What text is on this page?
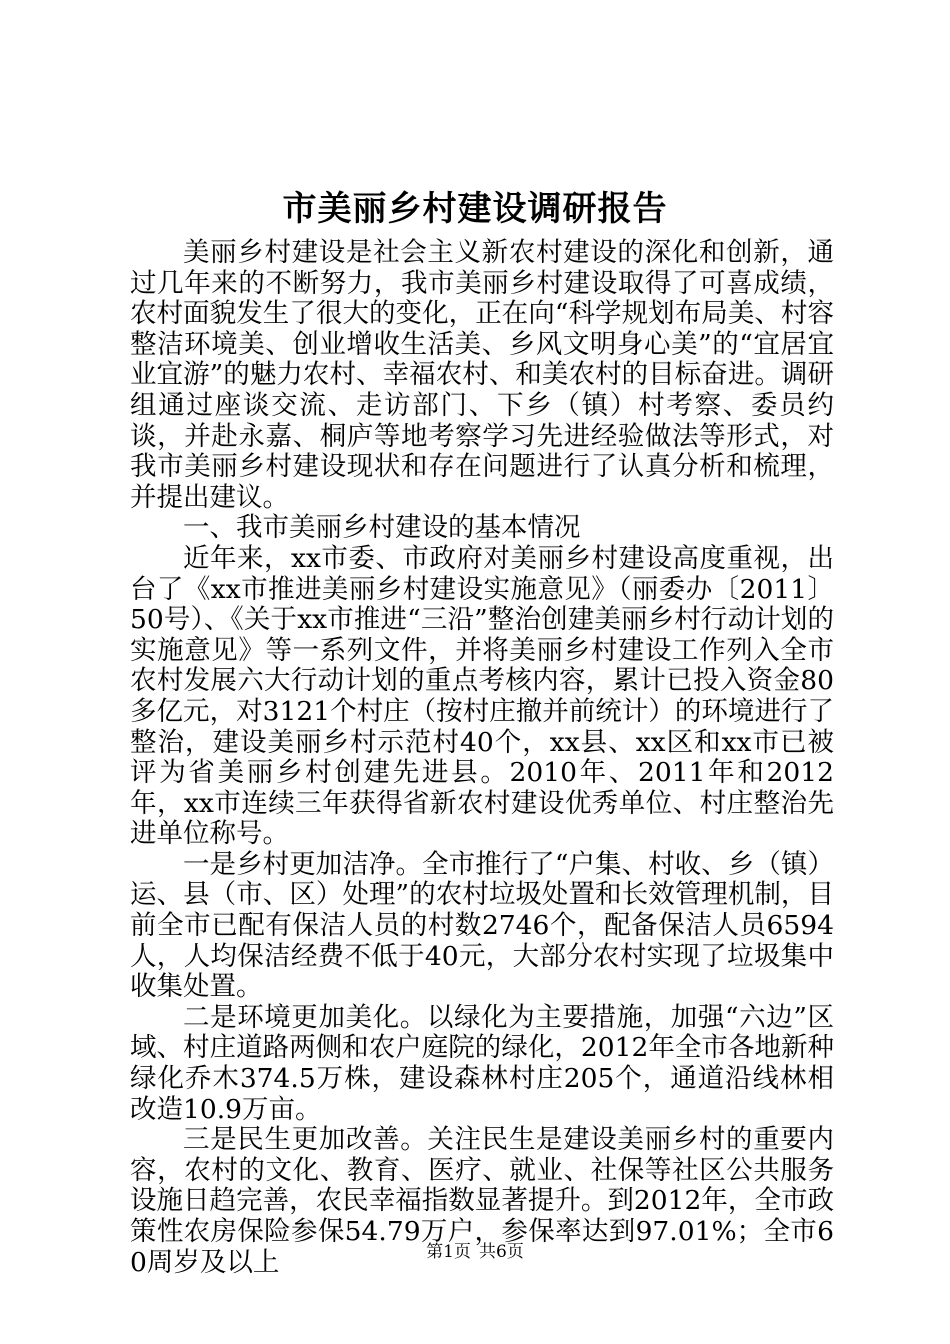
市美丽乡村建设调研报告

美丽乡村建设是社会主义新农村建设的深化和创新，通过几年来的不断努力，我市美丽乡村建设取得了可喜成绩，农村面貌发生了很大的变化，正在向“科学规划布局美、村容整洁环境美、创业增收生活美、乡风文明身心美”的“宜居宜业宜游”的魅力农村、幸福农村、和美农村的目标奋进。调研组通过座谈交流、走访部门、下乡（镇）村考察、委员约谈，并赴永嘉、桐庐等地考察学习先进经验做法等形式，对我市美丽乡村建设现状和存在问题进行了认真分析和梳理，并提出建议。

一、我市美丽乡村建设的基本情况

近年来，xx市委、市政府对美丽乡村建设高度重视，出台了《xx市推进美丽乡村建设实施意见》（丽委办〔2011〕50号）、《关于xx市推进“三沿”整治创建美丽乡村行动计划的实施意见》等一系列文件，并将美丽乡村建设工作列入全市农村发展六大行动计划的重点考核内容，累计已投入资金80多亿元，对3121个村庄（按村庄撤并前统计）的环境进行了整治，建设美丽乡村示范村40个，xx县、xx区和xx市已被评为省美丽乡村创建先进县。2010年、2011年和2012年，xx市连续三年获得省新农村建设优秀单位、村庄整治先进单位称号。

一是乡村更加洁净。全市推行了“户集、村收、乡（镇）运、县（市、区）处理”的农村垃圾处置和长效管理机制，目前全市已配有保洁人员的村数2746个，配备保洁人员6594人，人均保洁经费不低于40元，大部分农村实现了垃圾集中收集处置。

二是环境更加美化。以绿化为主要措施，加强“六边”区域、村庄道路两侧和农户庭院的绿化，2012年全市各地新种绿化乔木374.5万株，建设森林村庄205个，通道沿线林相改造10.9万亩。

三是民生更加改善。关注民生是建设美丽乡村的重要内容，农村的文化、教育、医疗、就业、社保等社区公共服务设施日趋完善，农民幸福指数显著提升。到2012年，全市政策性农房保险参保54.79万户，参保率达到97.01%；全市60周岁及以上	第1页 共6页
